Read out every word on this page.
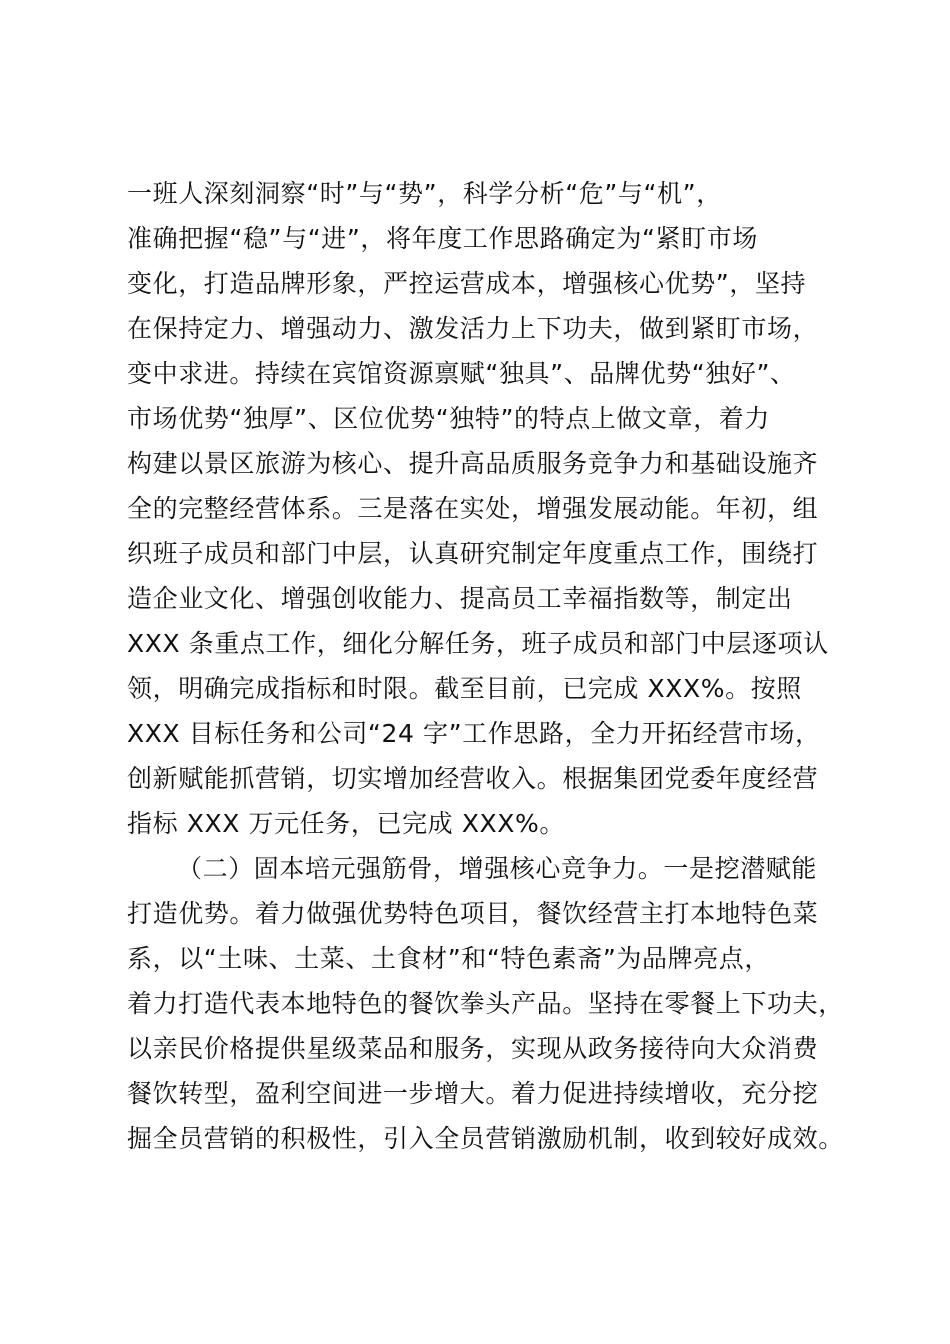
一班人深刻洞察“时”与“势”，科学分析“危”与“机”，
准确把握“稳”与“进”，将年度工作思路确定为“紧盯市场
变化，打造品牌形象，严控运营成本，增强核心优势”，坚持
在保持定力、增强动力、激发活力上下功夫，做到紧盯市场，
变中求进。持续在宾馆资源禀赋“独具”、品牌优势“独好”、
市场优势“独厚”、区位优势“独特”的特点上做文章，着力
构建以景区旅游为核心、提升高品质服务竞争力和基础设施齐
全的完整经营体系。三是落在实处，增强发展动能。年初，组
织班子成员和部门中层，认真研究制定年度重点工作，围绕打
造企业文化、增强创收能力、提高员工幸福指数等，制定出
XXX 条重点工作，细化分解任务，班子成员和部门中层逐项认
领，明确完成指标和时限。截至目前，已完成 XXX%。按照
XXX 目标任务和公司“24 字”工作思路，全力开拓经营市场，
创新赋能抓营销，切实增加经营收入。根据集团党委年度经营
指标 XXX 万元任务，已完成 XXX%。
（二）固本培元强筋骨，增强核心竞争力。一是挖潜赋能
打造优势。着力做强优势特色项目，餐饮经营主打本地特色菜
系，以“土味、土菜、土食材”和“特色素斋”为品牌亮点，
着力打造代表本地特色的餐饮拳头产品。坚持在零餐上下功夫，
以亲民价格提供星级菜品和服务，实现从政务接待向大众消费
餐饮转型，盈利空间进一步增大。着力促进持续增收，充分挖
掘全员营销的积极性，引入全员营销激励机制，收到较好成效。
